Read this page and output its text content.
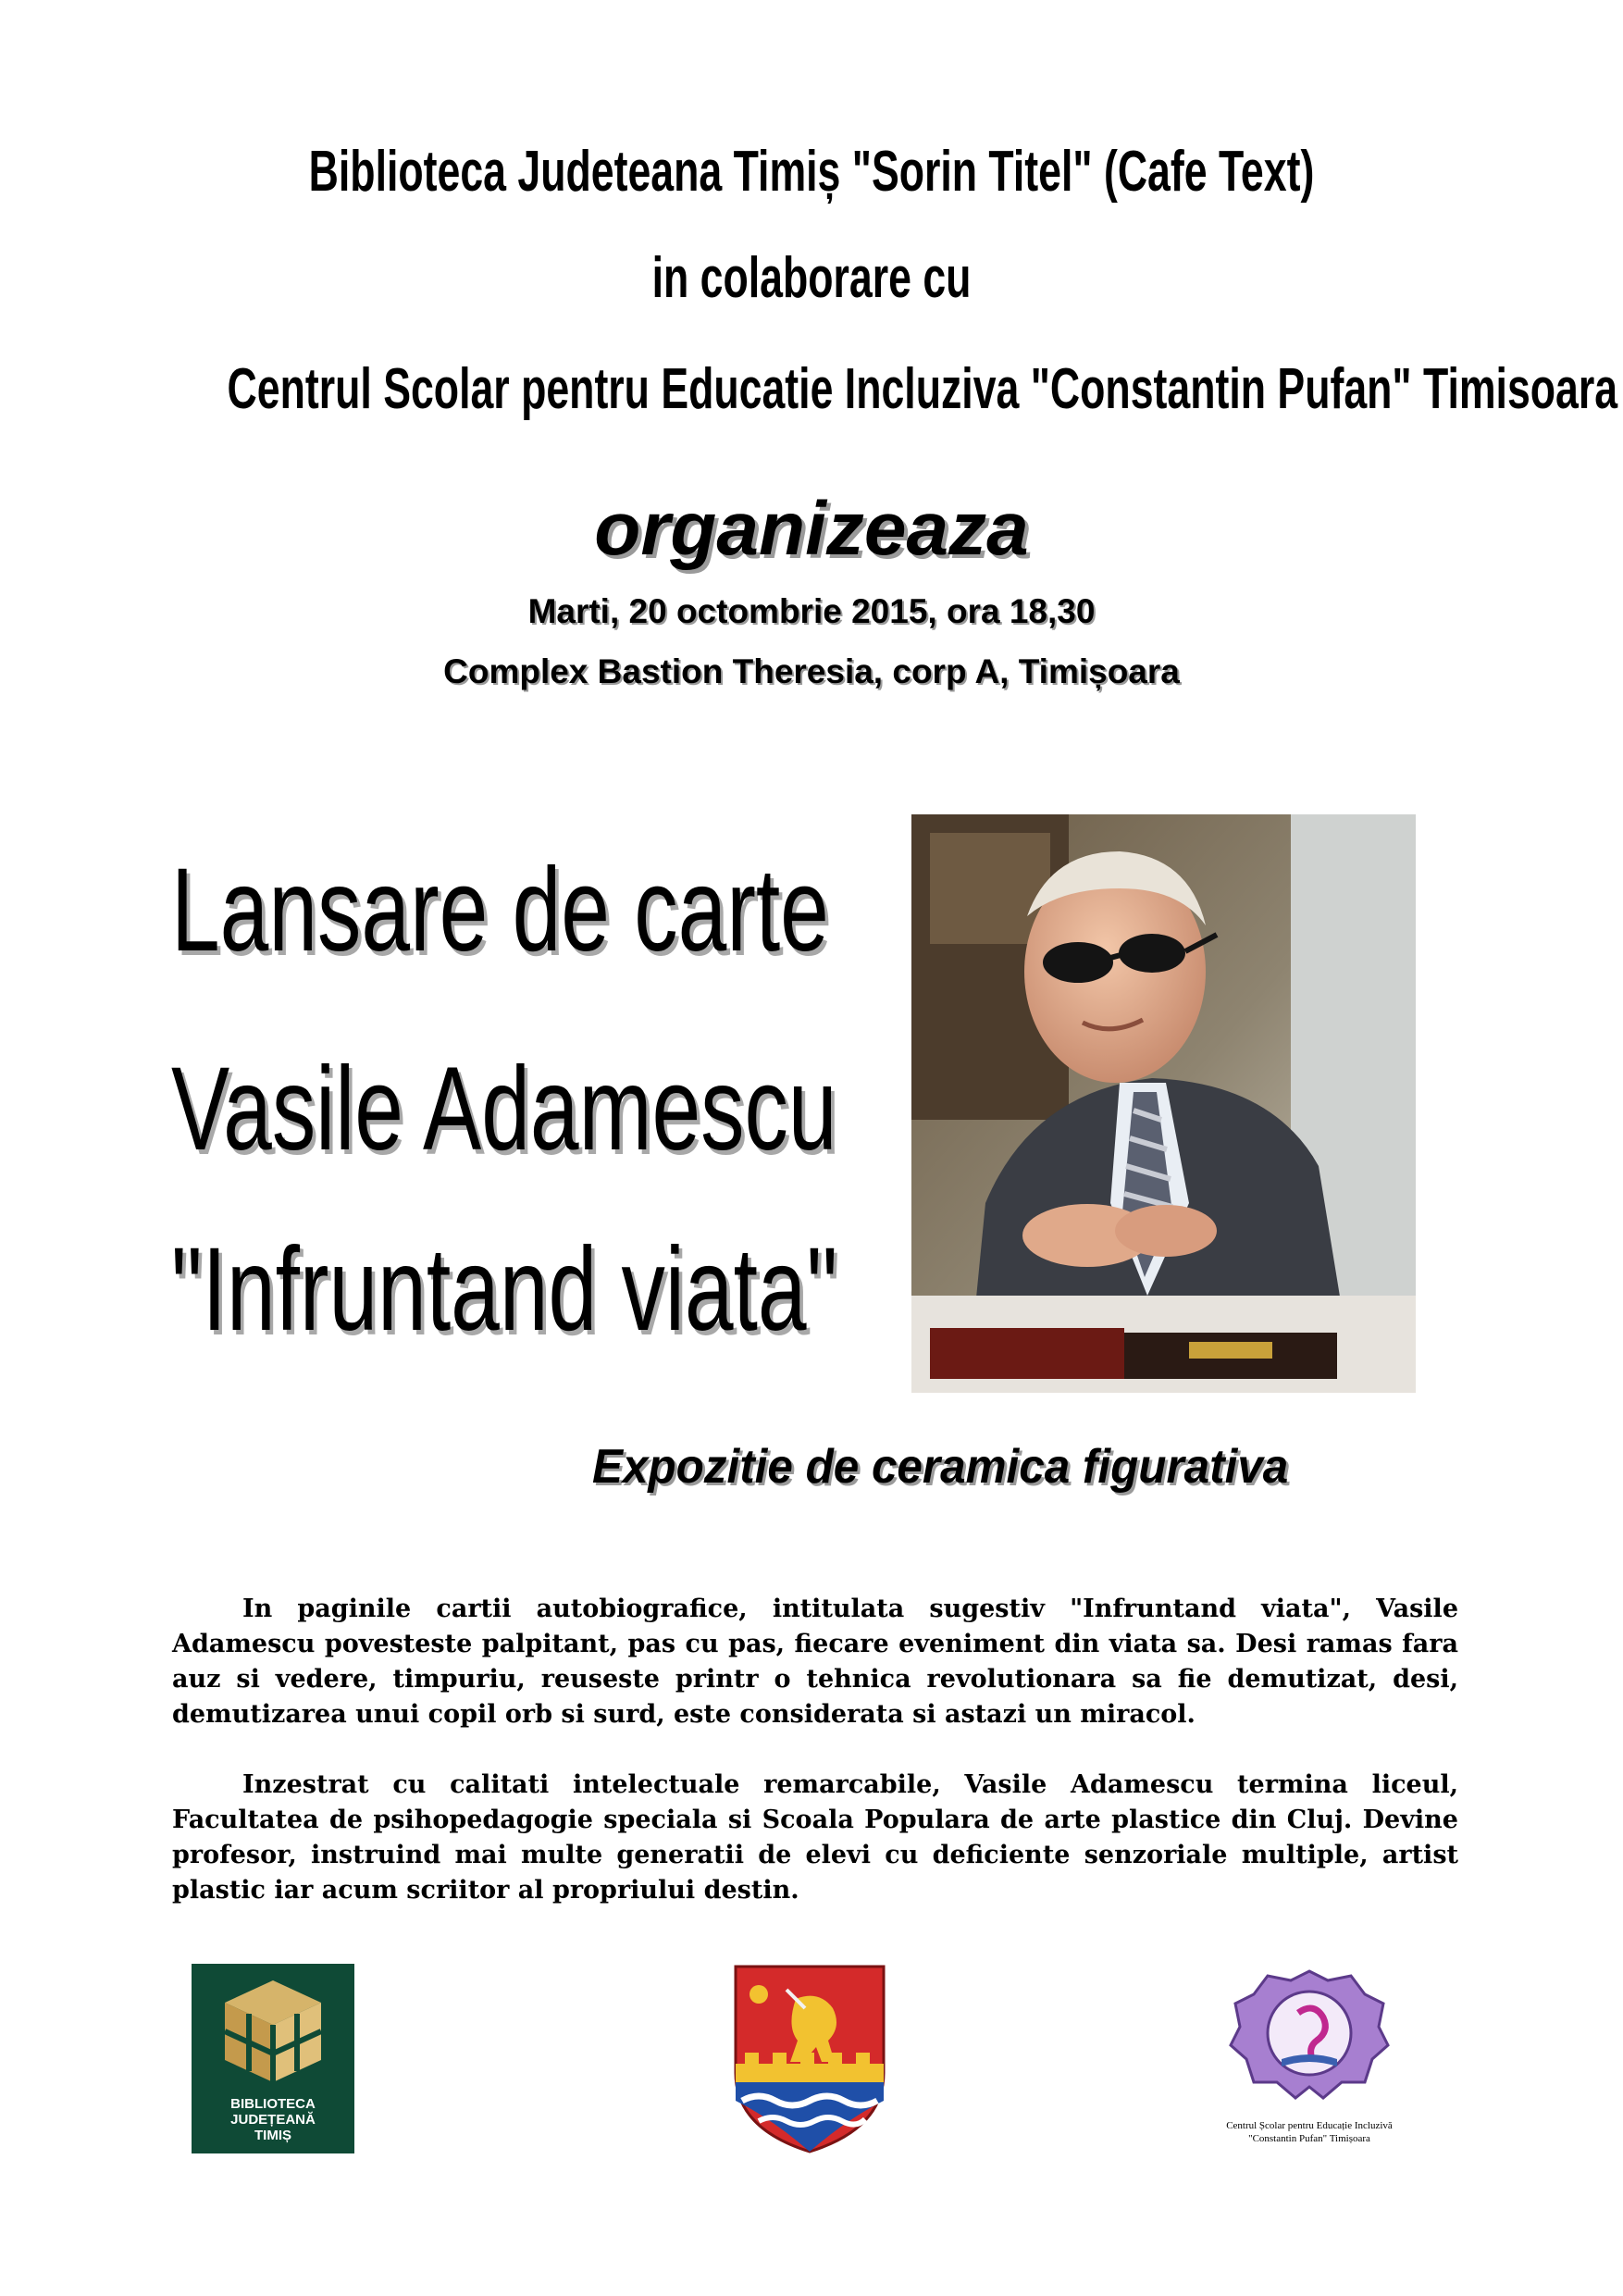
Biblioteca Judeteana Timiș "Sorin Titel" (Cafe Text)
in colaborare cu
Centrul Scolar pentru Educatie Incluziva "Constantin Pufan" Timisoara
organizeaza
Marti, 20 octombrie 2015, ora 18,30
Complex Bastion Theresia, corp A, Timișoara
Lansare de carte
Vasile Adamescu
"Infruntand viata"
Expozitie de ceramica figurativa
In paginile cartii autobiografice, intitulata sugestiv "Infruntand viata", Vasile Adamescu povesteste palpitant, pas cu pas, fiecare eveniment din viata sa. Desi ramas fara auz si vedere, timpuriu, reuseste printr o tehnica revolutionara sa fie demutizat, desi, demutizarea unui copil orb si surd, este considerata si astazi un miracol.
Inzestrat cu calitati intelectuale remarcabile, Vasile Adamescu termina liceul, Facultatea de psihopedagogie speciala si Scoala Populara de arte plastice din Cluj. Devine profesor, instruind mai multe generatii de elevi cu deficiente senzoriale multiple, artist plastic iar acum scriitor al propriului destin.
BIBLIOTECA
JUDEȚEANĂ
TIMIȘ
Centrul Școlar pentru Educație Incluzivă
"Constantin Pufan" Timișoara
